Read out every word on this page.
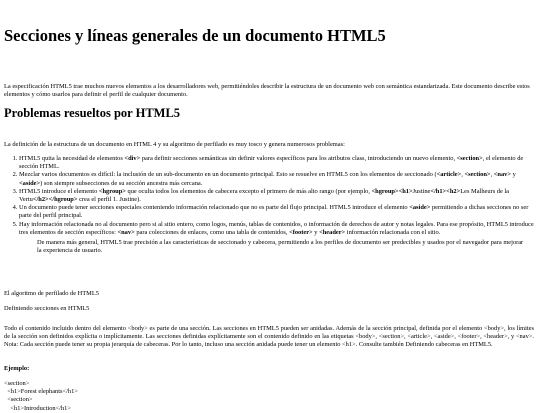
Secciones y líneas generales de un documento HTML5

La especificación HTML5 trae muchos nuevos elementos a los desarrolladores web, permitiéndoles describir la estructura de un documento web con semántica estandarizada. Este documento describe estos elementos y cómo usarlos para definir el perfil de cualquier documento.

Problemas resueltos por HTML5

La definición de la estructura de un documento en HTML 4 y su algoritmo de perfilado es muy tosco y genera numerosos problemas:

1. HTML5 quita la necesidad de elementos <div> para definir secciones semánticas sin definir valores específicos para los atributos class, introduciendo un nuevo elemento, <section>, el elemento de sección HTML.
2. Mezclar varios documentos es difícil: la inclusión de un sub-documento en un documento principal. Esto se resuelve en HTML5 con los elementos de seccionado (<article>, <section>, <nav> y <aside>) son siempre subsecciones de su sección ancestra más cercana.
3. HTML5 introduce el elemento <hgroup> que oculta todos los elementos de cabecera excepto el primero de más alto rango (por ejemplo, <hgroup><h1>Justine</h1><h2>Les Malheurs de la Vertu</h2></hgroup> crea el perfil 1. Justine).
4. Un documento puede tener secciones especiales conteniendo información relacionado que no es parte del flujo principal. HTML5 introduce el elemento <aside> permitiendo a dichas secciones no ser parte del perfil principal.
5. Hay información relacionada no al documento pero si al sitio entero, como logos, menús, tablas de contenidos, o información de derechos de autor y notas legales. Para ese propósito, HTML5 introduce tres elementos de sección específicos: <nav> para colecciones de enlaces, como una tabla de contenidos, <footer> y <header> información relacionada con el sitio.

De manera más general, HTML5 trae precisión a las características de seccionado y cabecera, permitiendo a los perfiles de documento ser predecibles y usados por el navegador para mejorar la experiencia de usuario.

El algoritmo de perfilado de HTML5

Definiendo secciones en HTML5

Todo el contenido incluido dentro del elemento <body> es parte de una sección. Las secciones en HTML5 pueden ser anidadas. Además de la sección principal, definida por el elemento <body>, los límites de la sección son definidos explícita o implícitamente. Las secciones definidas explícitamente son el contenido definido en las etiquetas <body>, <section>, <article>, <aside>, <footer>, <header>, y <nav>. Nota: Cada sección puede tener su propia jerarquía de cabeceras. Por lo tanto, incluso una sección anidada puede tener un elemento <h1>. Consulte también Definiendo cabeceras en HTML5.

Ejemplo:

<section>
<h1>Forest elephants</h1>
<section>
<h1>Introduction</h1>
